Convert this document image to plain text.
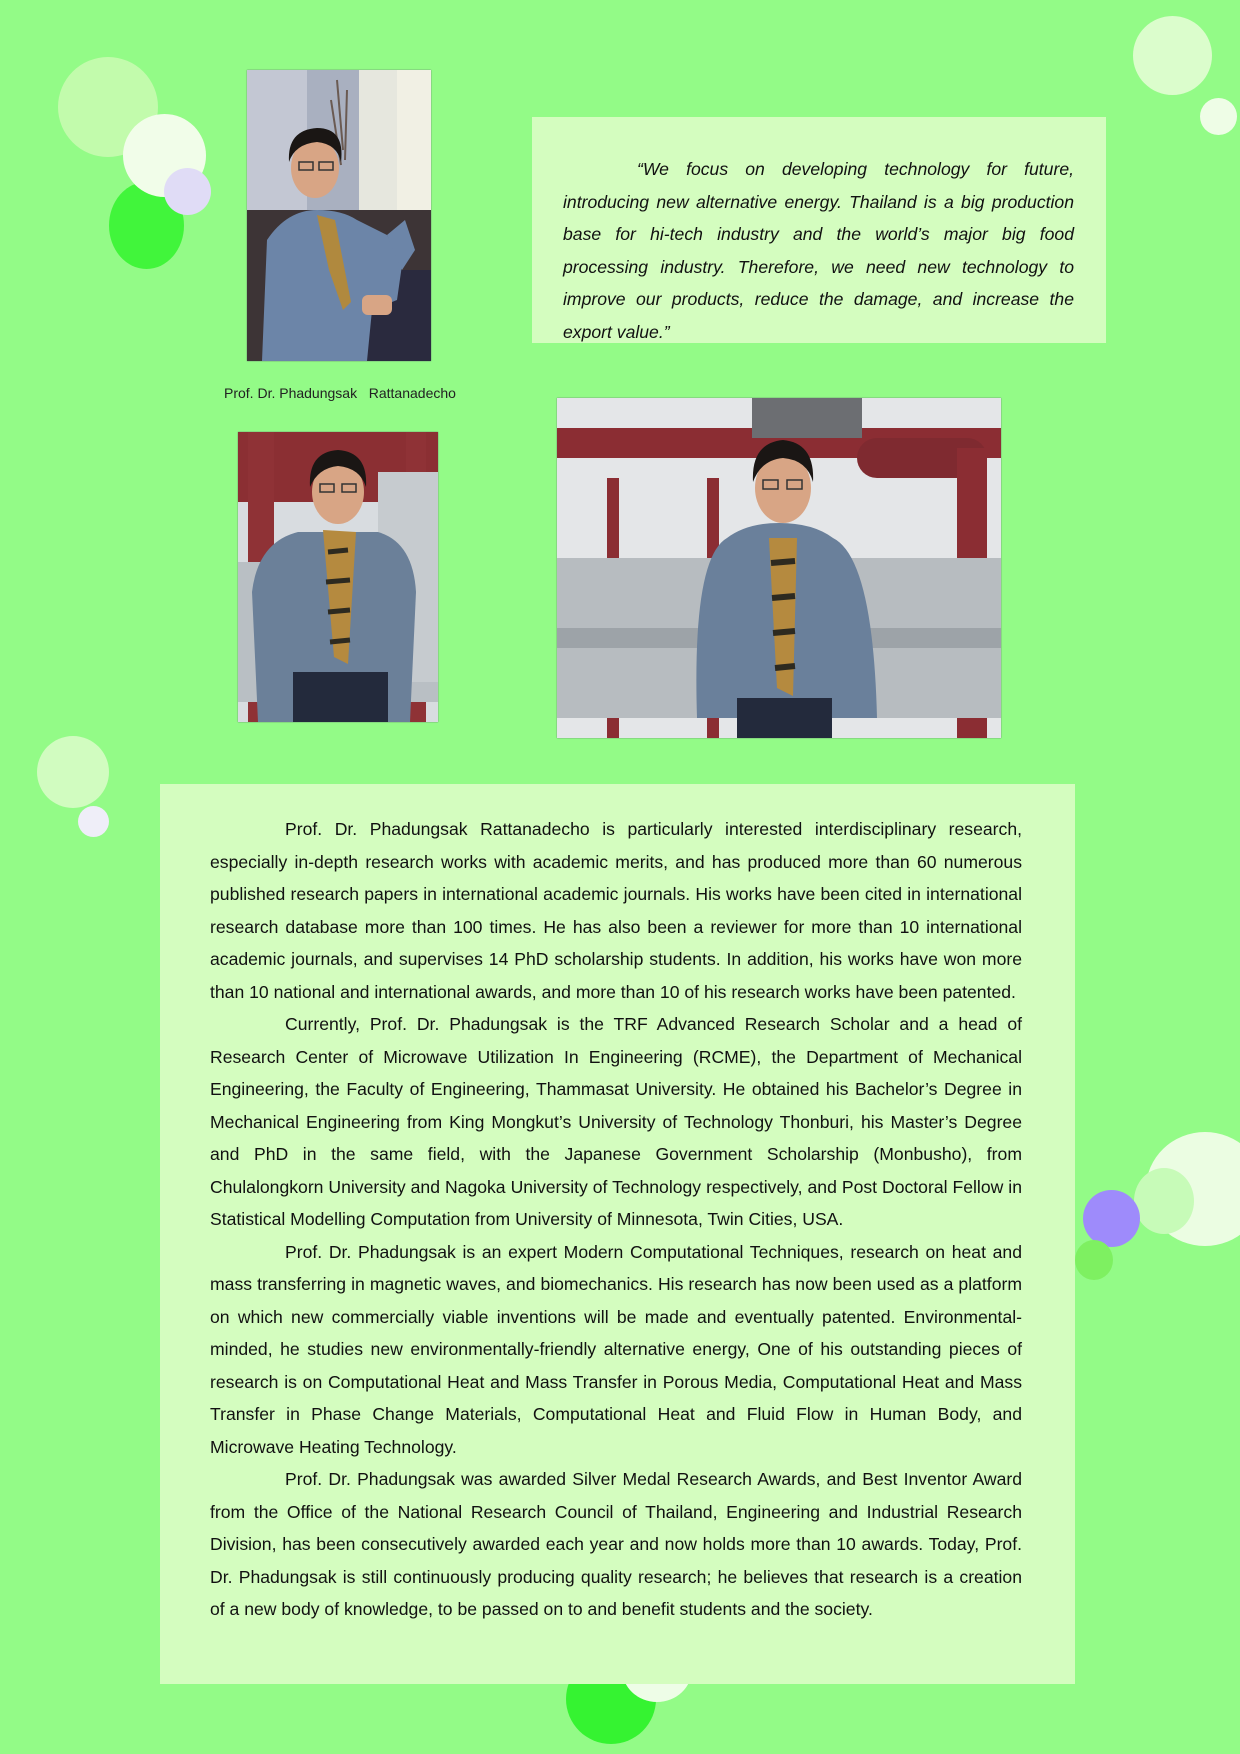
Prof. Dr. Phadungsak   Rattanadecho

“We focus on developing technology for future, introducing new alternative energy. Thailand is a big production base for hi-tech industry and the world’s major big food processing industry. Therefore, we need new technology to improve our products, reduce the damage, and increase the export value.”

Prof. Dr. Phadungsak Rattanadecho is particularly interested interdisciplinary research, especially in-depth research works with academic merits, and has produced more than 60 numerous published research papers in international academic journals. His works have been cited in international research database more than 100 times. He has also been a reviewer for more than 10 international academic journals, and supervises 14 PhD scholarship students. In addition, his works have won more than 10 national and international awards, and more than 10 of his research works have been patented.

Currently, Prof. Dr. Phadungsak is the TRF Advanced Research Scholar and a head of Research Center of Microwave Utilization In Engineering (RCME), the Department of Mechanical Engineering, the Faculty of Engineering, Thammasat University. He obtained his Bachelor’s Degree in Mechanical Engineering from King Mongkut’s University of Technology Thonburi, his Master’s Degree and PhD in the same field, with the Japanese Government Scholarship (Monbusho), from Chulalongkorn University and Nagoka University of Technology respectively, and Post Doctoral Fellow in Statistical Modelling Computation from University of Minnesota, Twin Cities, USA.

Prof. Dr. Phadungsak is an expert Modern Computational Techniques, research on heat and mass transferring in magnetic waves, and biomechanics. His research has now been used as a platform on which new commercially viable inventions will be made and eventually patented. Environmental-minded, he studies new environmentally-friendly alternative energy, One of his outstanding pieces of research is on Computational Heat and Mass Transfer in Porous Media, Computational Heat and Mass Transfer in Phase Change Materials, Computational Heat and Fluid Flow in Human Body, and Microwave Heating Technology.

Prof. Dr. Phadungsak was awarded Silver Medal Research Awards, and Best Inventor Award from the Office of the National Research Council of Thailand, Engineering and Industrial Research Division, has been consecutively awarded each year and now holds more than 10 awards. Today, Prof. Dr. Phadungsak is still continuously producing quality research; he believes that research is a creation of a new body of knowledge, to be passed on to and benefit students and the society.
